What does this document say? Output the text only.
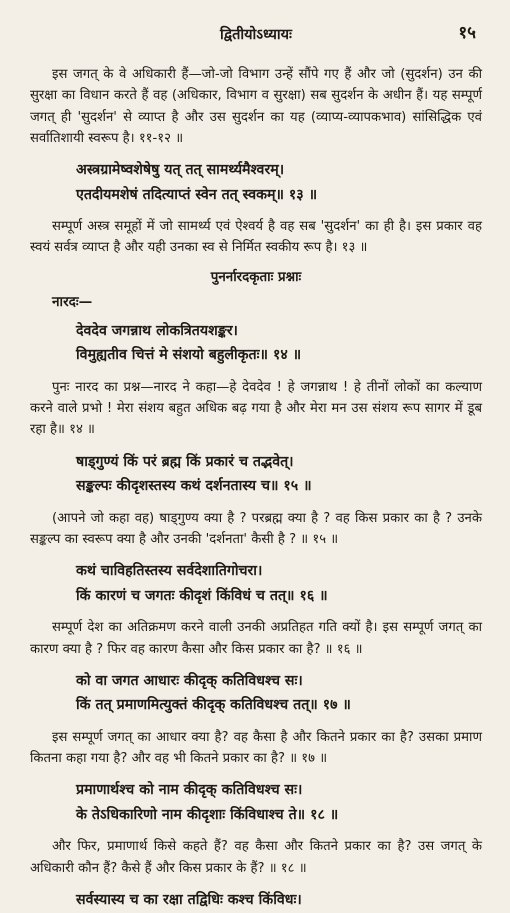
द्वितीयोऽध्यायः	१५

इस जगत् के वे अधिकारी हैं—जो-जो विभाग उन्हें सौंपे गए हैं और जो (सुदर्शन) उन की सुरक्षा का विधान करते हैं वह (अधिकार, विभाग व सुरक्षा) सब सुदर्शन के अधीन हैं। यह सम्पूर्ण जगत् ही 'सुदर्शन' से व्याप्त है और उस सुदर्शन का यह (व्याप्य-व्यापकभाव) सांसिद्धिक एवं सर्वातिशायी स्वरूप है। ११-१२ ॥

अस्त्रग्रामेष्वशेषेषु यत् तत् सामर्थ्यमैश्वरम्।
एतदीयमशेषं तदित्याप्तं स्वेन तत् स्वकम्॥ १३ ॥

सम्पूर्ण अस्त्र समूहों में जो सामर्थ्य एवं ऐश्वर्य है वह सब 'सुदर्शन' का ही है। इस प्रकार वह स्वयं सर्वत्र व्याप्त है और यही उनका स्व से निर्मित स्वकीय रूप है। १३ ॥

पुनर्नारदकृताः प्रश्नाः
नारदः—
देवदेव जगन्नाथ लोकत्रितयशङ्कर।
विमुह्यतीव चित्तं मे संशयो बहुलीकृतः॥ १४ ॥

पुनः नारद का प्रश्न—नारद ने कहा—हे देवदेव ! हे जगन्नाथ ! हे तीनों लोकों का कल्याण करने वाले प्रभो ! मेरा संशय बहुत अधिक बढ़ गया है और मेरा मन उस संशय रूप सागर में डूब रहा है॥ १४ ॥

षाड्गुण्यं किं परं ब्रह्म किं प्रकारं च तद्भवेत्।
सङ्कल्पः कीदृशस्तस्य कथं दर्शनतास्य च॥ १५ ॥

(आपने जो कहा वह) षाड्गुण्य क्या है ? परब्रह्म क्या है ? वह किस प्रकार का है ? उनके सङ्कल्प का स्वरूप क्या है और उनकी 'दर्शनता' कैसी है ? ॥ १५ ॥

कथं चाविहतिस्तस्य सर्वदेशातिगोचरा।
किं कारणं च जगतः कीदृशं किंविधं च तत्॥ १६ ॥

सम्पूर्ण देश का अतिक्रमण करने वाली उनकी अप्रतिहत गति क्यों है। इस सम्पूर्ण जगत् का कारण क्या है ? फिर वह कारण कैसा और किस प्रकार का है? ॥ १६ ॥

को वा जगत आधारः कीदृक् कतिविधश्च सः।
किं तत् प्रमाणमित्युक्तं कीदृक् कतिविधश्च तत्॥ १७ ॥

इस सम्पूर्ण जगत् का आधार क्या है? वह कैसा है और कितने प्रकार का है? उसका प्रमाण कितना कहा गया है? और वह भी कितने प्रकार का है? ॥ १७ ॥

प्रमाणार्थश्च को नाम कीदृक् कतिविधश्च सः।
के तेऽधिकारिणो नाम कीदृशाः किंविधाश्च ते॥ १८ ॥

और फिर, प्रमाणार्थ किसे कहते हैं? वह कैसा और कितने प्रकार का है? उस जगत् के अधिकारी कौन हैं? कैसे हैं और किस प्रकार के हैं? ॥ १८ ॥

सर्वस्यास्य च का रक्षा तद्विधिः कश्च किंविधः।
